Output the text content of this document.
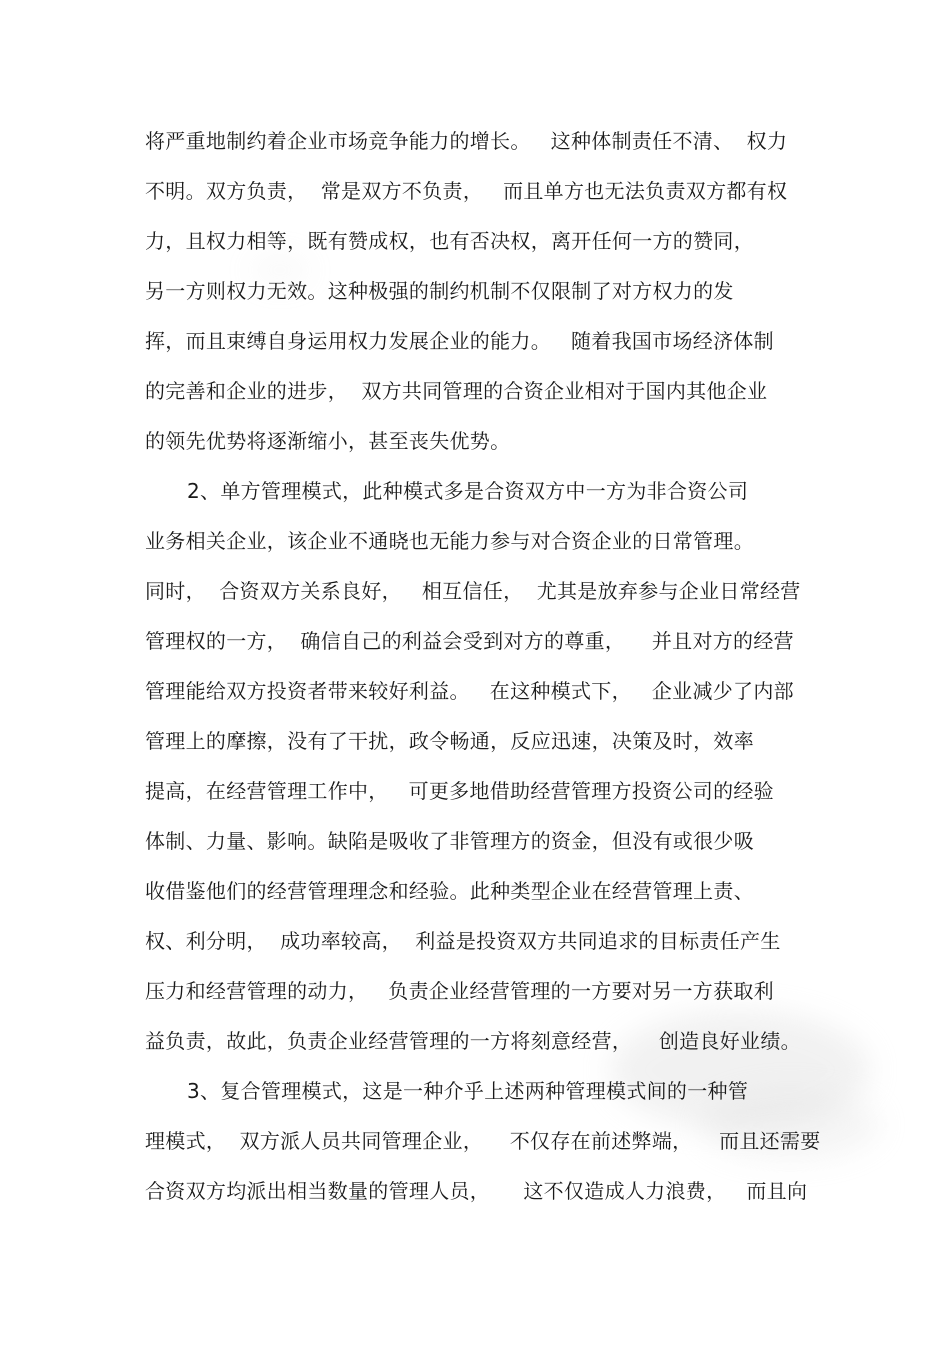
将严重地制约着企业市场竞争能力的增长。   这种体制责任不清、  权力
不明。双方负责，  常是双方不负责，   而且单方也无法负责双方都有权
力，且权力相等，既有赞成权，也有否决权，离开任何一方的赞同，
另一方则权力无效。这种极强的制约机制不仅限制了对方权力的发
挥，而且束缚自身运用权力发展企业的能力。   随着我国市场经济体制
的完善和企业的进步，  双方共同管理的合资企业相对于国内其他企业
的领先优势将逐渐缩小，甚至丧失优势。
2、单方管理模式，此种模式多是合资双方中一方为非合资公司
业务相关企业，该企业不通晓也无能力参与对合资企业的日常管理。
同时，  合资双方关系良好，   相互信任，  尤其是放弃参与企业日常经营
管理权的一方，  确信自己的利益会受到对方的尊重，    并且对方的经营
管理能给双方投资者带来较好利益。   在这种模式下，   企业减少了内部
管理上的摩擦，没有了干扰，政令畅通，反应迅速，决策及时，效率
提高，在经营管理工作中，   可更多地借助经营管理方投资公司的经验
体制、力量、影响。缺陷是吸收了非管理方的资金，但没有或很少吸
收借鉴他们的经营管理理念和经验。此种类型企业在经营管理上责、
权、利分明，  成功率较高，  利益是投资双方共同追求的目标责任产生
压力和经营管理的动力，   负责企业经营管理的一方要对另一方获取利
益负责，故此，负责企业经营管理的一方将刻意经营，    创造良好业绩。
3、复合管理模式，这是一种介乎上述两种管理模式间的一种管
理模式，  双方派人员共同管理企业，    不仅存在前述弊端，    而且还需要
合资双方均派出相当数量的管理人员，     这不仅造成人力浪费，   而且向
